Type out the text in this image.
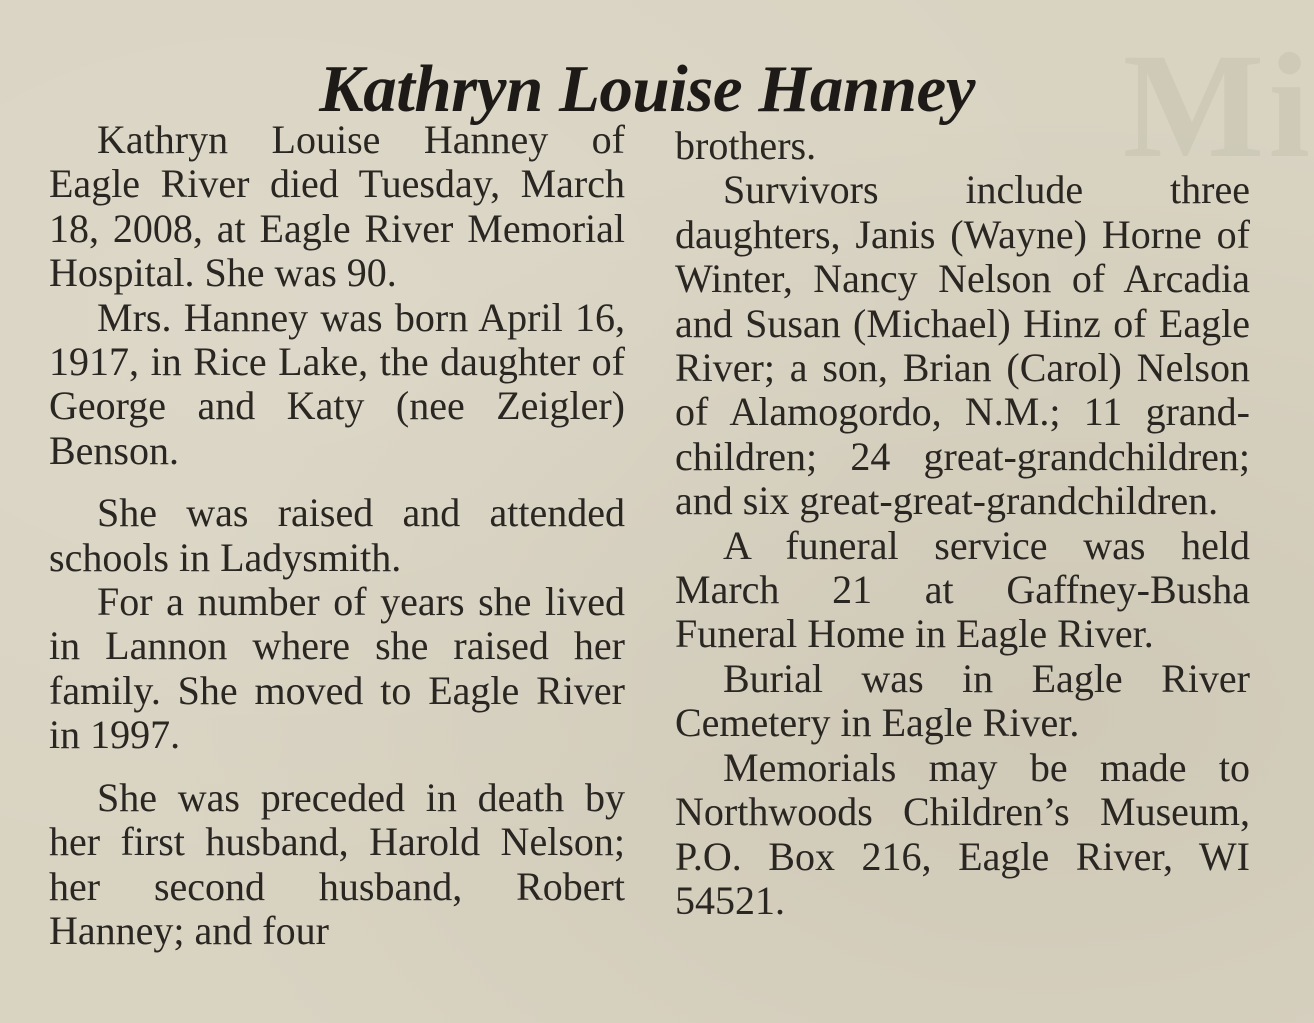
Mi
Kathryn Louise Hanney

Kathryn Louise Hanney of Eagle River died Tuesday, March 18, 2008, at Eagle River Memorial Hospital. She was 90.

Mrs. Hanney was born April 16, 1917, in Rice Lake, the daughter of George and Katy (nee Zeigler) Benson.

She was raised and attended schools in Ladysmith.

For a number of years she lived in Lannon where she raised her family. She moved to Eagle River in 1997.

She was preceded in death by her first husband, Harold Nelson; her second husband, Robert Hanney; and four

brothers.

Survivors include three daughters, Janis (Wayne) Horne of Winter, Nancy Nelson of Arcadia and Susan (Michael) Hinz of Eagle River; a son, Brian (Carol) Nelson of Alamogordo, N.M.; 11 grandchildren; 24 great-grandchildren; and six great-great-grandchildren.

A funeral service was held March 21 at Gaffney-Busha Funeral Home in Eagle River.

Burial was in Eagle River Cemetery in Eagle River.

Memorials may be made to Northwoods Children’s Museum, P.O. Box 216, Eagle River, WI 54521.
